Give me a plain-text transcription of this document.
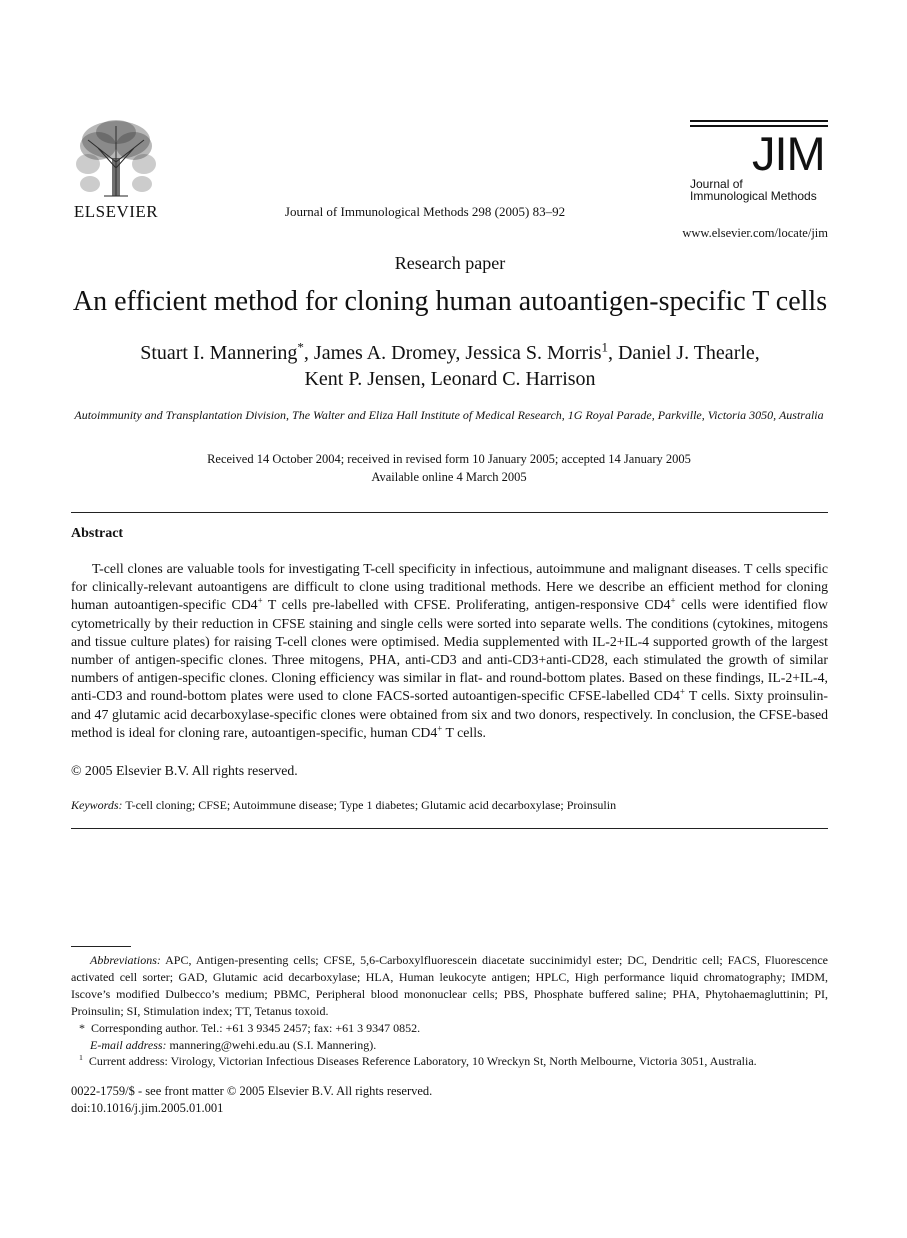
ELSEVIER	Journal of Immunological Methods 298 (2005) 83–92
JIM
Journal of
Immunological Methods
www.elsevier.com/locate/jim
Research paper
An efficient method for cloning human autoantigen-specific T cells
Stuart I. Mannering*, James A. Dromey, Jessica S. Morris$^1$, Daniel J. Thearle,
Kent P. Jensen, Leonard C. Harrison
Autoimmunity and Transplantation Division, The Walter and Eliza Hall Institute of Medical Research, 1G Royal Parade, Parkville, Victoria 3050, Australia
Received 14 October 2004; received in revised form 10 January 2005; accepted 14 January 2005
Available online 4 March 2005
Abstract

T-cell clones are valuable tools for investigating T-cell specificity in infectious, autoimmune and malignant diseases. T cells specific for clinically-relevant autoantigens are difficult to clone using traditional methods. Here we describe an efficient method for cloning human autoantigen-specific CD4+ T cells pre-labelled with CFSE. Proliferating, antigen-responsive CD4+ cells were identified flow cytometrically by their reduction in CFSE staining and single cells were sorted into separate wells. The conditions (cytokines, mitogens and tissue culture plates) for raising T-cell clones were optimised. Media supplemented with IL-2+IL-4 supported growth of the largest number of antigen-specific clones. Three mitogens, PHA, anti-CD3 and anti-CD3+anti-CD28, each stimulated the growth of similar numbers of antigen-specific clones. Cloning efficiency was similar in flat- and round-bottom plates. Based on these findings, IL-2+IL-4, anti-CD3 and round-bottom plates were used to clone FACS-sorted autoantigen-specific CFSE-labelled CD4+ T cells. Sixty proinsulin- and 47 glutamic acid decarboxylase-specific clones were obtained from six and two donors, respectively. In conclusion, the CFSE-based method is ideal for cloning rare, autoantigen-specific, human CD4+ T cells.

© 2005 Elsevier B.V. All rights reserved.
Keywords: T-cell cloning; CFSE; Autoimmune disease; Type 1 diabetes; Glutamic acid decarboxylase; Proinsulin

Abbreviations: APC, Antigen-presenting cells; CFSE, 5,6-Carboxylfluorescein diacetate succinimidyl ester; DC, Dendritic cell; FACS, Fluorescence activated cell sorter; GAD, Glutamic acid decarboxylase; HLA, Human leukocyte antigen; HPLC, High performance liquid chromatography; IMDM, Iscove’s modified Dulbecco’s medium; PBMC, Peripheral blood mononuclear cells; PBS, Phosphate buffered saline; PHA, Phytohaemagluttinin; PI, Proinsulin; SI, Stimulation index; TT, Tetanus toxoid.

* Corresponding author. Tel.: +61 3 9345 2457; fax: +61 3 9347 0852.

E-mail address: mannering@wehi.edu.au (S.I. Mannering).

$^1$ Current address: Virology, Victorian Infectious Diseases Reference Laboratory, 10 Wreckyn St, North Melbourne, Victoria 3051, Australia.

0022-1759/$ - see front matter © 2005 Elsevier B.V. All rights reserved.
doi:10.1016/j.jim.2005.01.001
